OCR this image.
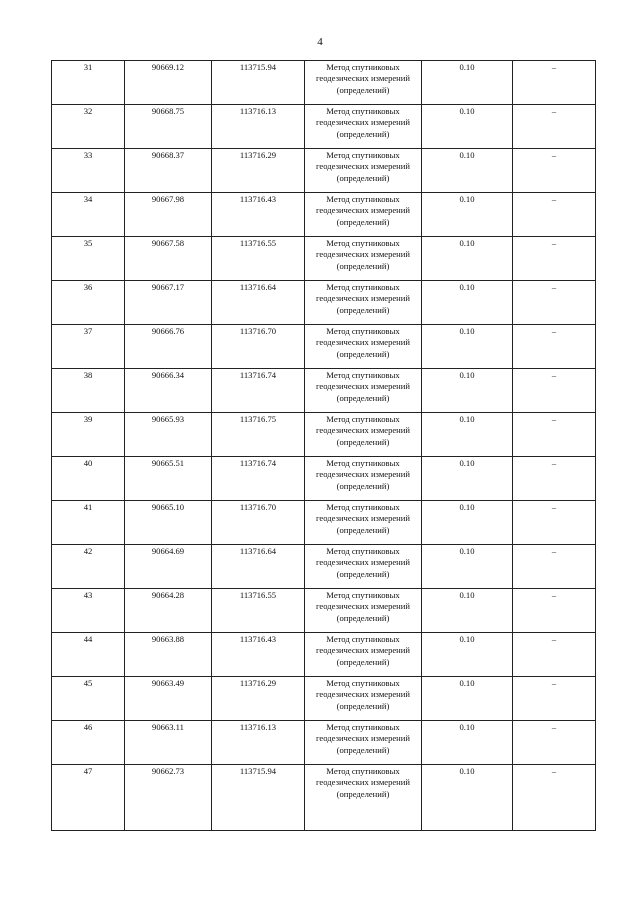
4
31	90669.12	113715.94	Метод спутниковых геодезических измерений (определений)	0.10	–
32	90668.75	113716.13	Метод спутниковых геодезических измерений (определений)	0.10	–
33	90668.37	113716.29	Метод спутниковых геодезических измерений (определений)	0.10	–
34	90667.98	113716.43	Метод спутниковых геодезических измерений (определений)	0.10	–
35	90667.58	113716.55	Метод спутниковых геодезических измерений (определений)	0.10	–
36	90667.17	113716.64	Метод спутниковых геодезических измерений (определений)	0.10	–
37	90666.76	113716.70	Метод спутниковых геодезических измерений (определений)	0.10	–
38	90666.34	113716.74	Метод спутниковых геодезических измерений (определений)	0.10	–
39	90665.93	113716.75	Метод спутниковых геодезических измерений (определений)	0.10	–
40	90665.51	113716.74	Метод спутниковых геодезических измерений (определений)	0.10	–
41	90665.10	113716.70	Метод спутниковых геодезических измерений (определений)	0.10	–
42	90664.69	113716.64	Метод спутниковых геодезических измерений (определений)	0.10	–
43	90664.28	113716.55	Метод спутниковых геодезических измерений (определений)	0.10	–
44	90663.88	113716.43	Метод спутниковых геодезических измерений (определений)	0.10	–
45	90663.49	113716.29	Метод спутниковых геодезических измерений (определений)	0.10	–
46	90663.11	113716.13	Метод спутниковых геодезических измерений (определений)	0.10	–
47	90662.73	113715.94	Метод спутниковых геодезических измерений (определений)	0.10	–
